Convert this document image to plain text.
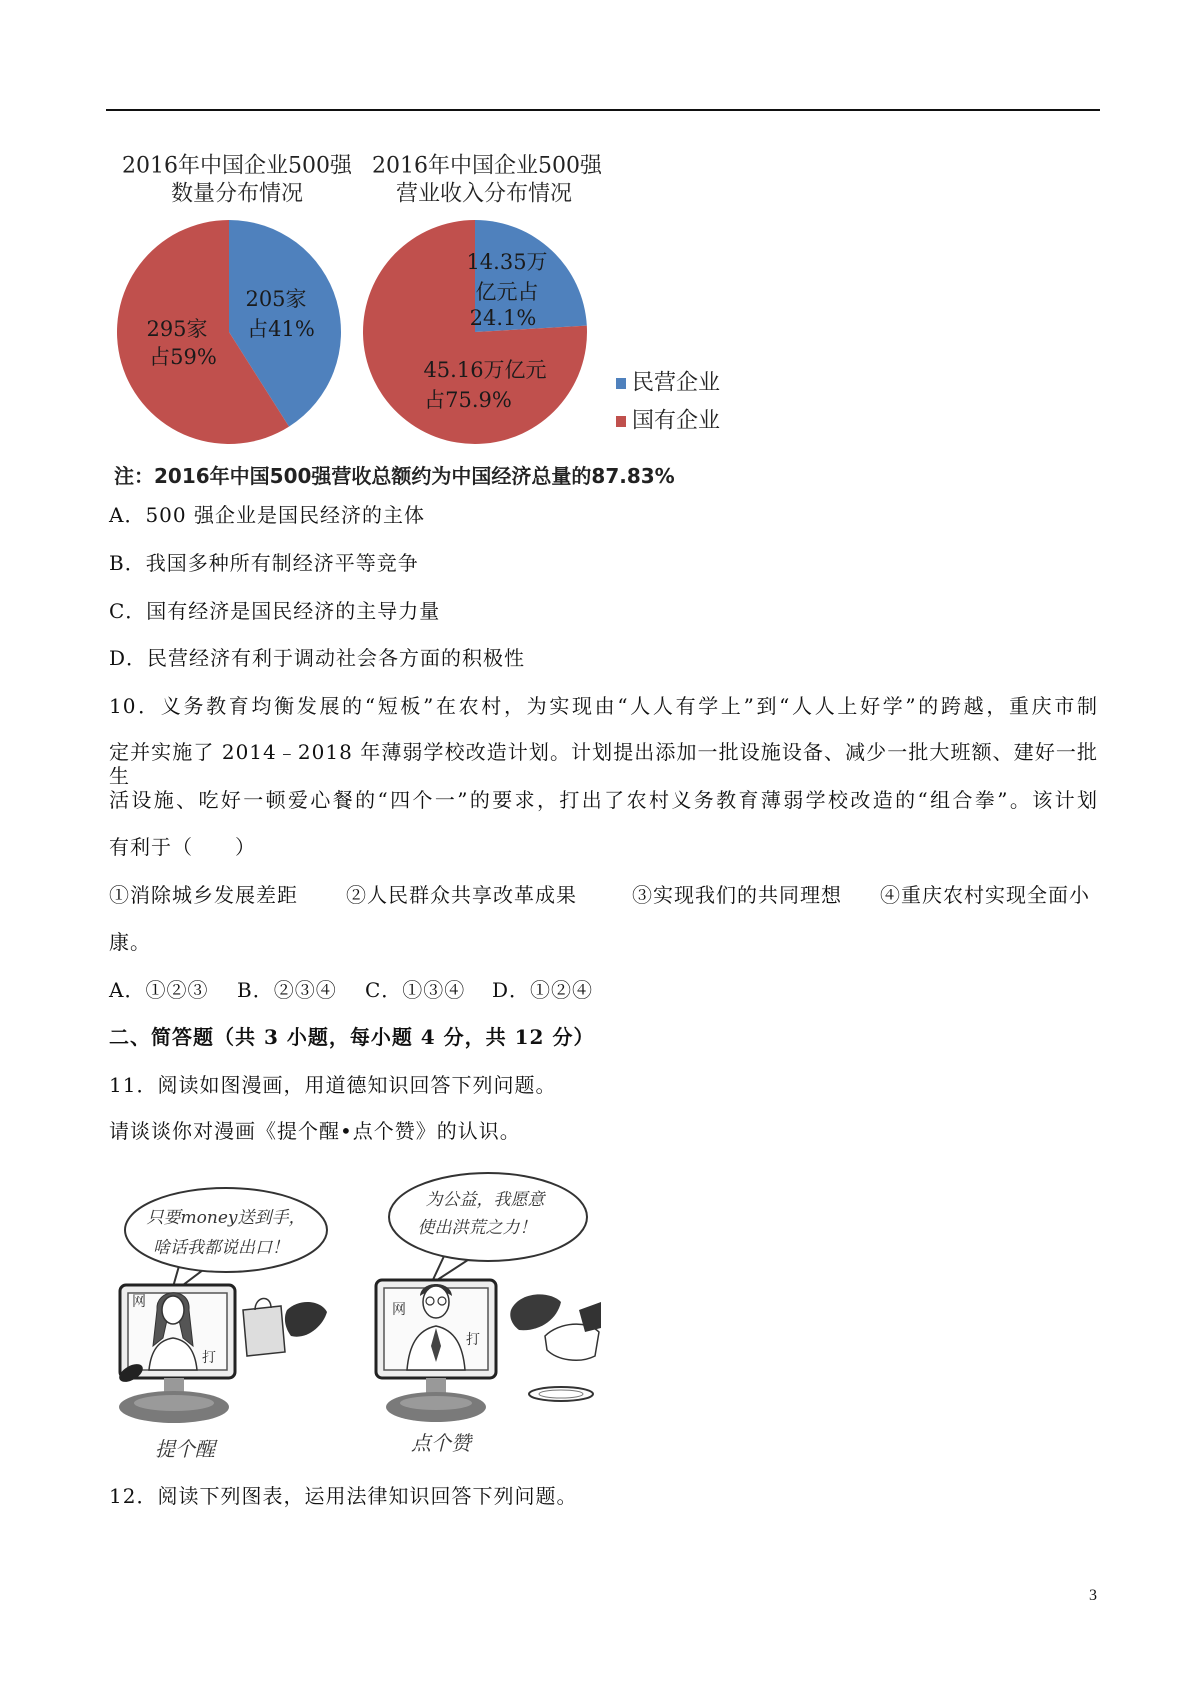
2016年中国企业500强
数量分布情况
205家
占41%
295家
占59%
2016年中国企业500强
营业收入分布情况
14.35万
亿元占
24.1%
45.16万亿元
占75.9%
民营企业
国有企业
注：2016年中国500强营收总额约为中国经济总量的87.83%
A．500 强企业是国民经济的主体
B．我国多种所有制经济平等竞争
C．国有经济是国民经济的主导力量
D．民营经济有利于调动社会各方面的积极性
10．义务教育均衡发展的“短板”在农村，为实现由“人人有学上”到“人人上好学”的跨越，重庆市制
定并实施了 2014﹣2018 年薄弱学校改造计划。计划提出添加一批设施设备、减少一批大班额、建好一批生
活设施、吃好一顿爱心餐的“四个一”的要求，打出了农村义务教育薄弱学校改造的“组合拳”。该计划
有利于（　　）
①消除城乡发展差距 ②人民群众共享改革成果	③实现我们的共同理想 ④重庆农村实现全面小
康。
A．①②③ B．②③④ C．①③④ D．①②④
二、简答题（共 3 小题，每小题 4 分，共 12 分）
11．阅读如图漫画，用道德知识回答下列问题。
请谈谈你对漫画《提个醒•点个赞》的认识。
只要money送到手，
啥话我都说出口！
网
打
为公益，我愿意
使出洪荒之力！
网
打
提个醒	点个赞
12．阅读下列图表，运用法律知识回答下列问题。
3
